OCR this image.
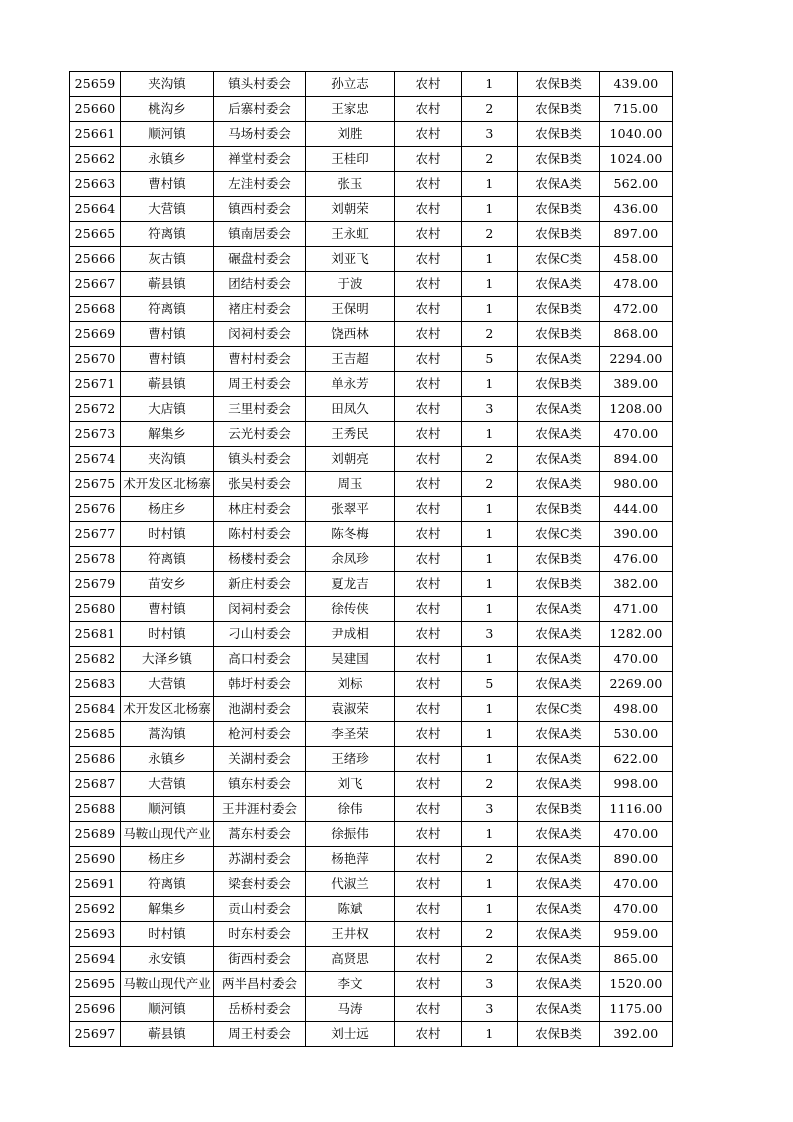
25659	夹沟镇	镇头村委会	孙立志	农村	1	农保B类	439.00
25660	桃沟乡	后寨村委会	王家忠	农村	2	农保B类	715.00
25661	顺河镇	马场村委会	刘胜	农村	3	农保B类	1040.00
25662	永镇乡	禅堂村委会	王桂印	农村	2	农保B类	1024.00
25663	曹村镇	左洼村委会	张玉	农村	1	农保A类	562.00
25664	大营镇	镇西村委会	刘朝荣	农村	1	农保B类	436.00
25665	符离镇	镇南居委会	王永虹	农村	2	农保B类	897.00
25666	灰古镇	碾盘村委会	刘亚飞	农村	1	农保C类	458.00
25667	蕲县镇	团结村委会	于波	农村	1	农保A类	478.00
25668	符离镇	褚庄村委会	王保明	农村	1	农保B类	472.00
25669	曹村镇	闵祠村委会	饶西林	农村	2	农保B类	868.00
25670	曹村镇	曹村村委会	王吉超	农村	5	农保A类	2294.00
25671	蕲县镇	周王村委会	单永芳	农村	1	农保B类	389.00
25672	大店镇	三里村委会	田凤久	农村	3	农保A类	1208.00
25673	解集乡	云光村委会	王秀民	农村	1	农保A类	470.00
25674	夹沟镇	镇头村委会	刘朝亮	农村	2	农保A类	894.00
25675	术开发区北杨寨	张吴村委会	周玉	农村	2	农保A类	980.00
25676	杨庄乡	林庄村委会	张翠平	农村	1	农保B类	444.00
25677	时村镇	陈村村委会	陈冬梅	农村	1	农保C类	390.00
25678	符离镇	杨楼村委会	余凤珍	农村	1	农保B类	476.00
25679	苗安乡	新庄村委会	夏龙吉	农村	1	农保B类	382.00
25680	曹村镇	闵祠村委会	徐传侠	农村	1	农保A类	471.00
25681	时村镇	刁山村委会	尹成相	农村	3	农保A类	1282.00
25682	大泽乡镇	高口村委会	吴建国	农村	1	农保A类	470.00
25683	大营镇	韩圩村委会	刘标	农村	5	农保A类	2269.00
25684	术开发区北杨寨	池湖村委会	袁淑荣	农村	1	农保C类	498.00
25685	蒿沟镇	枪河村委会	李圣荣	农村	1	农保A类	530.00
25686	永镇乡	关湖村委会	王绪珍	农村	1	农保A类	622.00
25687	大营镇	镇东村委会	刘飞	农村	2	农保A类	998.00
25688	顺河镇	王井涯村委会	徐伟	农村	3	农保B类	1116.00
25689	马鞍山现代产业	蒿东村委会	徐振伟	农村	1	农保A类	470.00
25690	杨庄乡	苏湖村委会	杨艳萍	农村	2	农保A类	890.00
25691	符离镇	梁套村委会	代淑兰	农村	1	农保A类	470.00
25692	解集乡	贡山村委会	陈斌	农村	1	农保A类	470.00
25693	时村镇	时东村委会	王井权	农村	2	农保A类	959.00
25694	永安镇	街西村委会	高贤思	农村	2	农保A类	865.00
25695	马鞍山现代产业	两半昌村委会	李文	农村	3	农保A类	1520.00
25696	顺河镇	岳桥村委会	马涛	农村	3	农保A类	1175.00
25697	蕲县镇	周王村委会	刘士远	农村	1	农保B类	392.00
